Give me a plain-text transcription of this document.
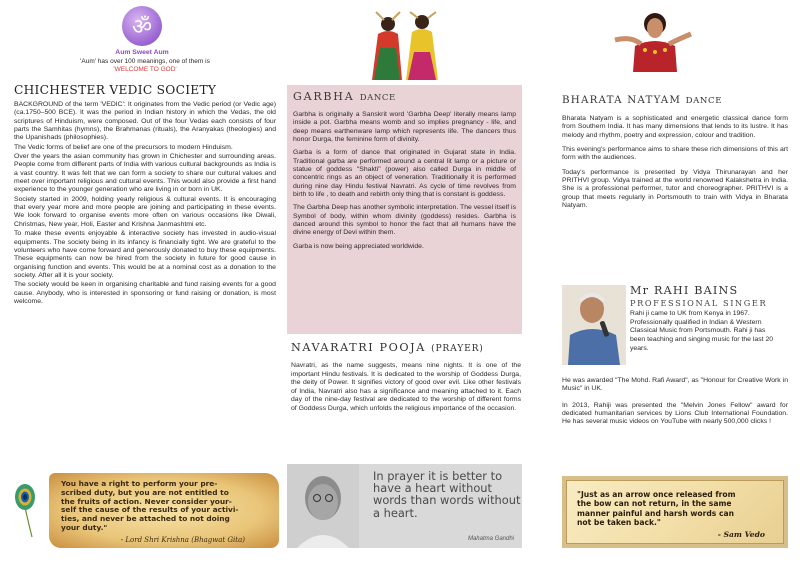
ॐ
Aum Sweet Aum
'Aum' has over 100 meanings, one of them is
'WELCOME TO GOD'
CHICHESTER VEDIC SOCIETY

BACKGROUND of the term 'VEDIC': It originates from the Vedic period (or Vedic age) (ca.1750–500 BCE). It was the period in Indian history in which the Vedas, the old scriptures of Hinduism, were composed. Out of the four Vedas each consists of four parts the Samhitas (hymns), the Brahmanas (rituals), the Aranyakas (theologies) and the Upanishads (philosophies).

The Vedic forms of belief are one of the precursors to modern Hinduism.

Over the years the asian community has grown in Chichester and surrounding areas. People come from different parts of India with various cultural backgrounds as India is a vast country. It was felt that we can form a society to share our cultural values and meet over important religious and cultural events. This would also provide a first hand experience to the younger generation who are living in or born in UK.

Society started in 2009, holding yearly religious & cultural events. It is encouraging that every year more and more people are joining and participating in these events. We look forward to organise events more often on various occasions like Diwali, Christmas, New year, Holi, Easter and Krishna Janmashtmi etc.

To make these events enjoyable & interactive society has invested in audio-visual equipments. The society being in its infancy is financially tight. We are grateful to the volunteers who have come forward and generously donated to buy these equipments. These equipments can now be hired from the society in future for good cause in organising function and events. This would be at a nominal cost as a donation to the society. After all it is your society.

The society would be keen in organising charitable and fund raising events for a good cause. Anybody, who is interested in sponsoring or fund raising or donation, is most welcome.

You have a right to perform your pre-
scribed duty, but you are not entitled to
the fruits of action. Never consider your-
self the cause of the results of your activi-
ties, and never be attached to not doing
your duty."
- Lord Shri Krishna (Bhagwat Gita)
GARBHA DANCE

Garbha is originally a Sanskrit word 'Garbha Deep' literally means lamp inside a pot. Garbha means womb and so implies pregnancy - life, and deep means earthenware lamp which represents life. The dancers thus honor Durga, the feminine form of divinity.

Garba is a form of dance that originated in Gujarat state in India. Traditional garba are performed around a central lit lamp or a picture or statue of goddess "Shakti" (power) also called Durga in middle of concentric rings as an object of veneration. Traditionally it is performed during nine day Hindu festival Navratri. As cycle of time revolves from birth to life , to death and rebirth only thing that is constant is goddess.

The Garbha Deep has another symbolic interpretation. The vessel itself is Symbol of body, within whom divinity (goddess) resides. Garbha is danced around this symbol to honor the fact that all humans have the divine energy of Devi within them.

Garba is now being appreciated worldwide.

NAVARATRI POOJA (PRAYER)

Navratri, as the name suggests, means nine nights. It is one of the important Hindu festivals. It is dedicated to the worship of Goddess Durga, the deity of Power. It signifies victory of good over evil. Like other festivals of India, Navratri also has a significance and meaning attached to it. Each day of the nine-day festival are dedicated to the worship of different forms of Goddess Durga, which unfolds the religious importance of the occasion.

In prayer it is better to have a heart without words than words without a heart.
Mahatma Gandhi
BHARATA NATYAM DANCE

Bharata Natyam is a sophisticated and energetic classical dance form from Southern India. It has many dimensions that lends to its lustre. It has melody and rhythm, poetry and expression, colour and tradition.

This evening's performance aims to share these rich dimensions of this art form with the audiences.

Today's performance is presented by Vidya Thirunarayan and her PRITHVI group. Vidya trained at the world renowned Kalakshetra in India. She is a professional performer, tutor and choreographer. PRITHVI is a group that meets regularly in Portsmouth to train with Vidya in Bharata Natyam.

Mr RAHI BAINS
PROFESSIONAL SINGER

Rahi ji came to UK from Kenya in 1967. Professionally qualified in Indian & Western Classical Music from Portsmouth. Rahi ji has been teaching and singing music for the last 20 years.

He was awarded "The Mohd. Rafi Award", as "Honour for Creative Work in Music" in UK.

In 2013, Rahiji was presented the "Melvin Jones Fellow" award for dedicated humanitarian services by Lions Club International Foundation. He has several music videos on YouTube with nearly 500,000 clicks !

"Just as an arrow once released from
the bow can not return, in the same
manner painful and harsh words can
not be taken back."
- Sam Vedo
